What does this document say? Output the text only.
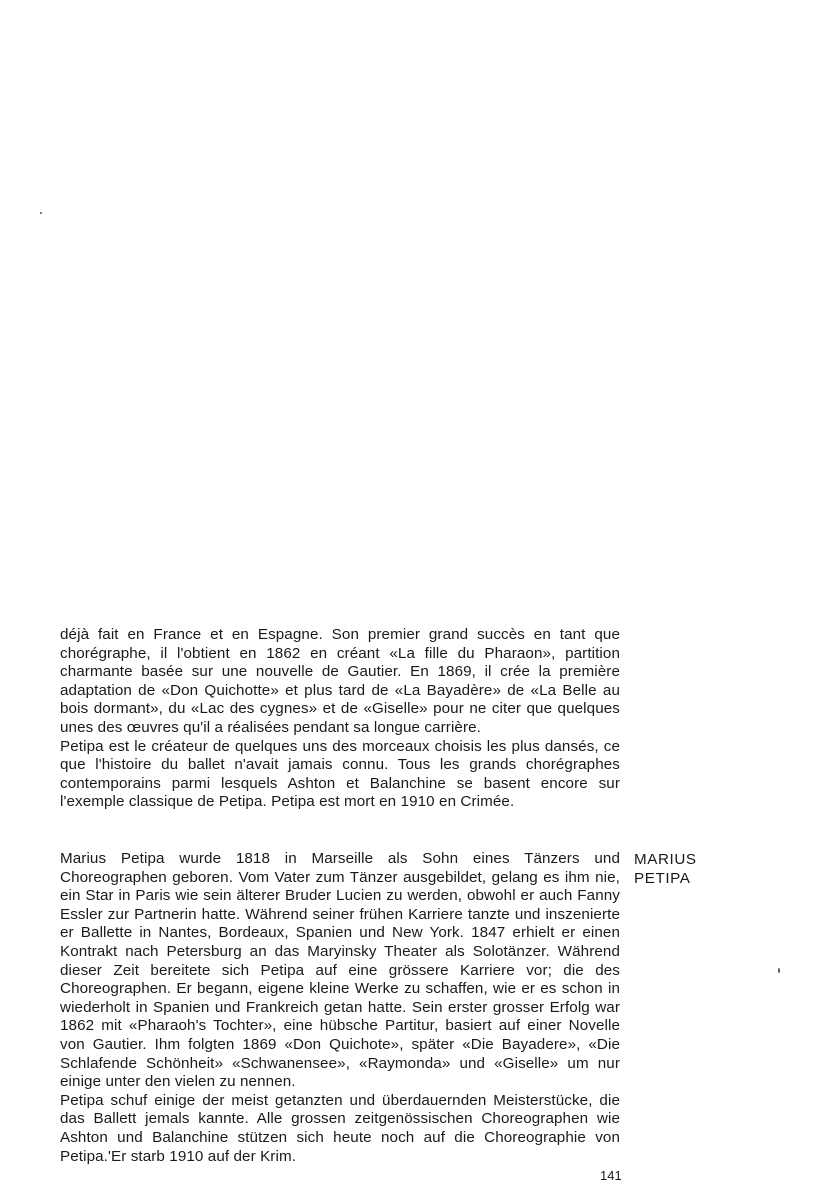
déjà fait en France et en Espagne. Son premier grand succès en tant que chorégraphe, il l'obtient en 1862 en créant «La fille du Pharaon», partition charmante basée sur une nouvelle de Gautier. En 1869, il crée la première adaptation de «Don Quichotte» et plus tard de «La Bayadère» de «La Belle au bois dormant», du «Lac des cygnes» et de «Giselle» pour ne citer que quelques unes des œuvres qu'il a réalisées pendant sa longue carrière.

Petipa est le créateur de quelques uns des morceaux choisis les plus dansés, ce que l'histoire du ballet n'avait jamais connu. Tous les grands chorégraphes contemporains parmi lesquels Ashton et Balanchine se basent encore sur l'exemple classique de Petipa. Petipa est mort en 1910 en Crimée.

MARIUS
PETIPA

Marius Petipa wurde 1818 in Marseille als Sohn eines Tänzers und Choreographen geboren. Vom Vater zum Tänzer ausgebildet, gelang es ihm nie, ein Star in Paris wie sein älterer Bruder Lucien zu werden, obwohl er auch Fanny Essler zur Partnerin hatte. Während seiner frühen Karriere tanzte und inszenierte er Ballette in Nantes, Bordeaux, Spanien und New York. 1847 erhielt er einen Kontrakt nach Petersburg an das Maryinsky Theater als Solotänzer. Während dieser Zeit bereitete sich Petipa auf eine grössere Karriere vor; die des Choreographen. Er begann, eigene kleine Werke zu schaffen, wie er es schon in wiederholt in Spanien und Frankreich getan hatte. Sein erster grosser Erfolg war 1862 mit «Pharaoh's Tochter», eine hübsche Partitur, basiert auf einer Novelle von Gautier. Ihm folgten 1869 «Don Quichote», später «Die Bayadere», «Die Schlafende Schönheit» «Schwanensee», «Raymonda» und «Giselle» um nur einige unter den vielen zu nennen.

Petipa schuf einige der meist getanzten und überdauernden Meisterstücke, die das Ballett jemals kannte. Alle grossen zeitgenössischen Choreographen wie Ashton und Balanchine stützen sich heute noch auf die Choreographie von Petipa.'Er starb 1910 auf der Krim.

141
